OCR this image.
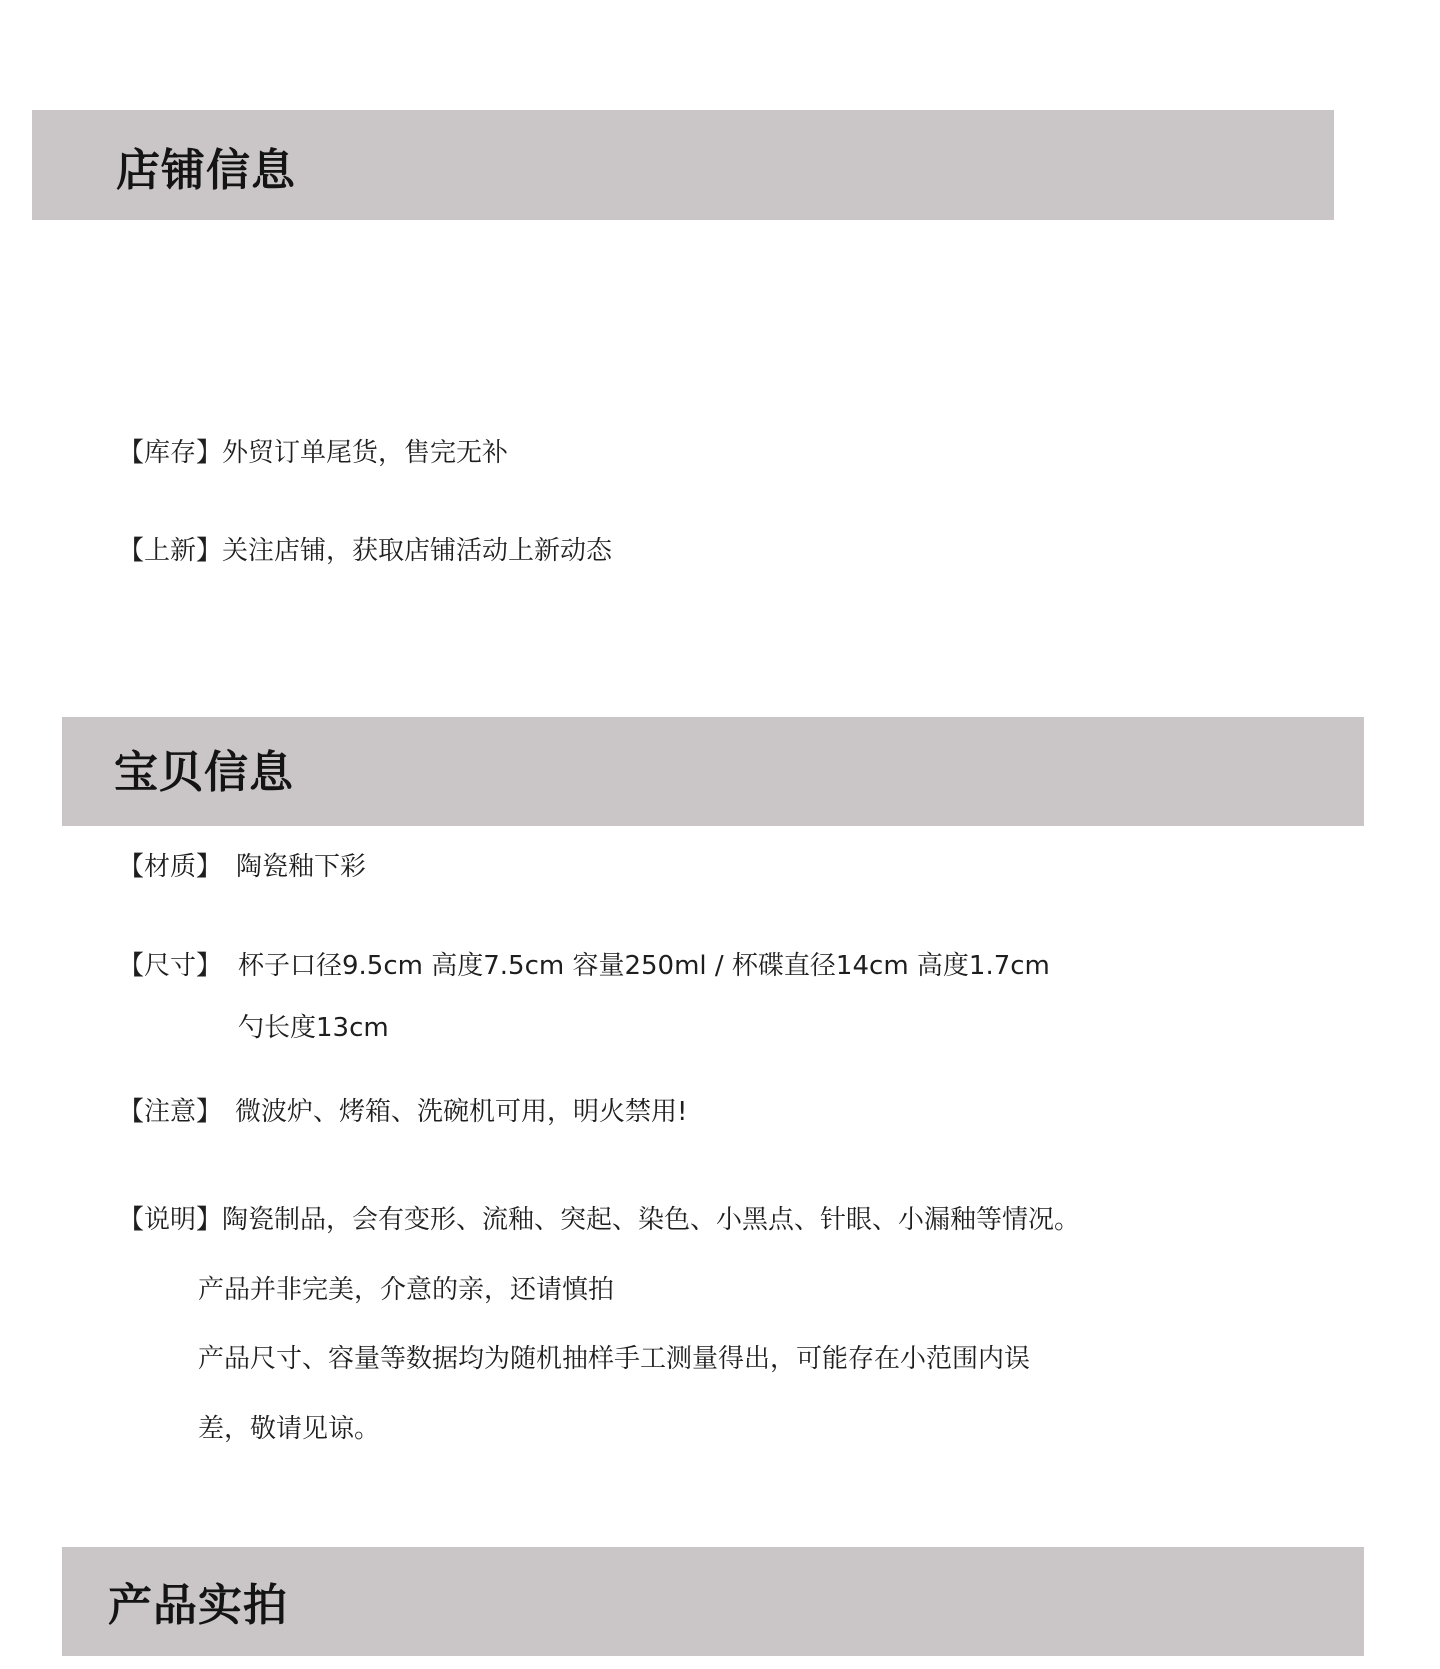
店铺信息
【库存】外贸订单尾货，售完无补
【上新】关注店铺，获取店铺活动上新动态
宝贝信息
【材质】 陶瓷釉下彩
【尺寸】 杯子口径9.5cm 高度7.5cm 容量250ml / 杯碟直径14cm 高度1.7cm
勺长度13cm
【注意】 微波炉、烤箱、洗碗机可用，明火禁用!
【说明】陶瓷制品，会有变形、流釉、突起、染色、小黑点、针眼、小漏釉等情况。
产品并非完美，介意的亲，还请慎拍
产品尺寸、容量等数据均为随机抽样手工测量得出，可能存在小范围内误
差，敬请见谅。
产品实拍
